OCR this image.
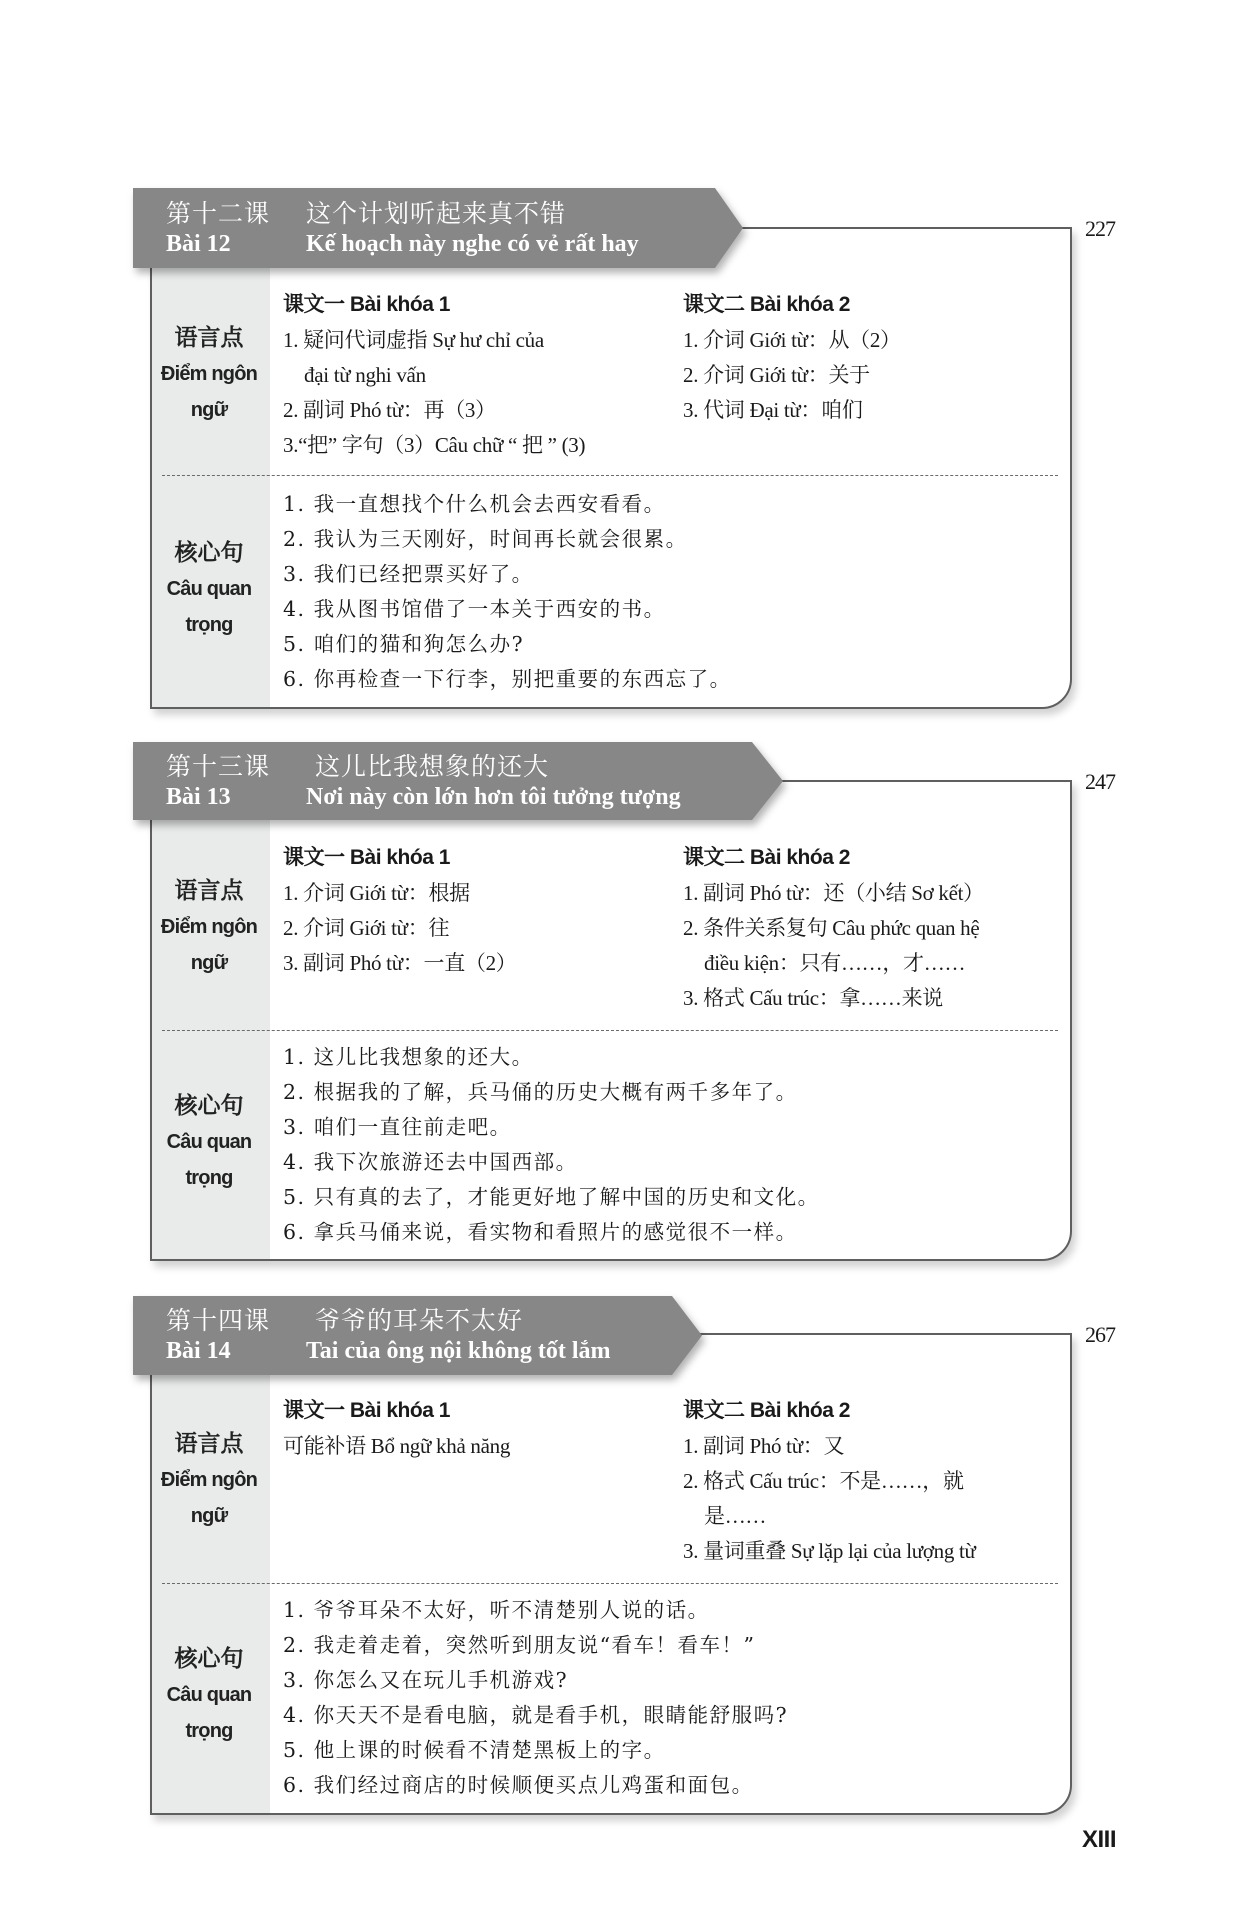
第十二课 这个计划听起来真不错
Bài 12	Kế hoạch này nghe có vẻ rất hay
227
语言点
Điểm ngôn
ngữ
课文一 Bài khóa 1
1. 疑问代词虚指 Sự hư chỉ của
đại từ nghi vấn
2. 副词 Phó từ：再（3）
3.“把” 字句（3）Câu chữ “ 把 ” (3)
课文二 Bài khóa 2
1. 介词 Giới từ：从（2）
2. 介词 Giới từ：关于
3. 代词 Đại từ：咱们
核心句
Câu quan
trọng
1. 我一直想找个什么机会去西安看看。
2. 我认为三天刚好，时间再长就会很累。
3. 我们已经把票买好了。
4. 我从图书馆借了一本关于西安的书。
5. 咱们的猫和狗怎么办?
6. 你再检查一下行李，别把重要的东西忘了。
第十三课 这儿比我想象的还大
Bài 13	Nơi này còn lớn hơn tôi tưởng tượng
247
语言点
Điểm ngôn
ngữ
课文一 Bài khóa 1
1. 介词 Giới từ：根据
2. 介词 Giới từ：往
3. 副词 Phó từ：一直（2）
课文二 Bài khóa 2
1. 副词 Phó từ：还（小结 Sơ kết）
2. 条件关系复句 Câu phức quan hệ
điều kiện：只有……，才……
3. 格式 Cấu trúc：拿……来说
核心句
Câu quan
trọng
1. 这儿比我想象的还大。
2. 根据我的了解，兵马俑的历史大概有两千多年了。
3. 咱们一直往前走吧。
4. 我下次旅游还去中国西部。
5. 只有真的去了，才能更好地了解中国的历史和文化。
6. 拿兵马俑来说，看实物和看照片的感觉很不一样。
第十四课 爷爷的耳朵不太好
Bài 14	Tai của ông nội không tốt lắm
267
语言点
Điểm ngôn
ngữ
课文一 Bài khóa 1
可能补语 Bổ ngữ khả năng
课文二 Bài khóa 2
1. 副词 Phó từ：又
2. 格式 Cấu trúc：不是……，就
是……
3. 量词重叠 Sự lặp lại của lượng từ
核心句
Câu quan
trọng
1. 爷爷耳朵不太好，听不清楚别人说的话。
2. 我走着走着，突然听到朋友说“看车！看车！”
3. 你怎么又在玩儿手机游戏?
4. 你天天不是看电脑，就是看手机，眼睛能舒服吗?
5. 他上课的时候看不清楚黑板上的字。
6. 我们经过商店的时候顺便买点儿鸡蛋和面包。
XIII
